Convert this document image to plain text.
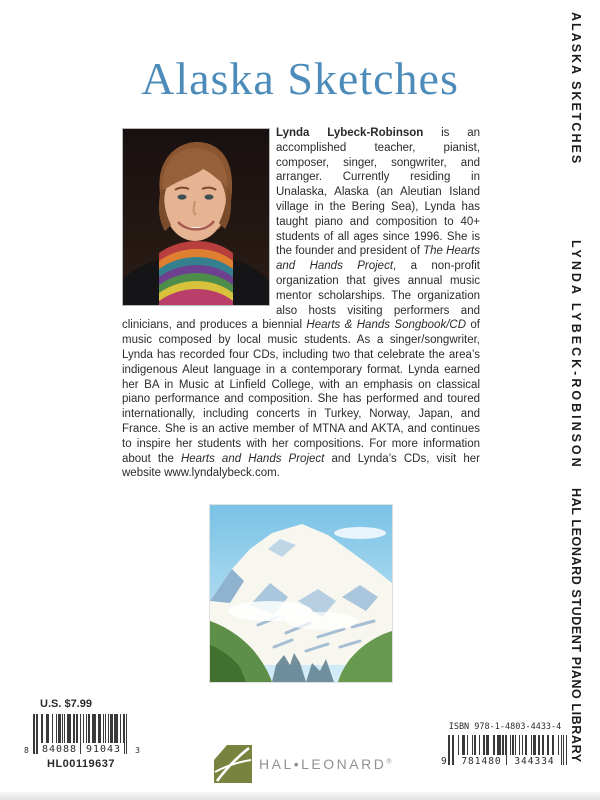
Alaska Sketches

Lynda Lybeck-Robinson is an accomplished teacher, pianist, composer, singer, songwriter, and arranger. Currently residing in Unalaska, Alaska (an Aleutian Island village in the Bering Sea), Lynda has taught piano and composition to 40+ students of all ages since 1996. She is the founder and president of The Hearts and Hands Project, a non-profit organization that gives annual music mentor scholarships. The organization also hosts visiting performers and clinicians, and produces a biennial Hearts & Hands Songbook/CD of music composed by local music students. As a singer/songwriter, Lynda has recorded four CDs, including two that celebrate the area’s indigenous Aleut language in a contemporary format. Lynda earned her BA in Music at Linfield College, with an emphasis on classical piano performance and composition. She has performed and toured internationally, including concerts in Turkey, Norway, Japan, and France. She is an active member of MTNA and AKTA, and continues to inspire her students with her compositions. For more information about the Hearts and Hands Project and Lynda’s CDs, visit her website www.lyndalybeck.com.

ALASKA SKETCHES
LYNDA LYBECK-ROBINSON
HAL LEONARD STUDENT PIANO LIBRARY
U.S. $7.99
8 84088 91043	3
HL00119637	HAL•LEONARD®
ISBN 978-1-4803-4433-4
781480	344334
9
